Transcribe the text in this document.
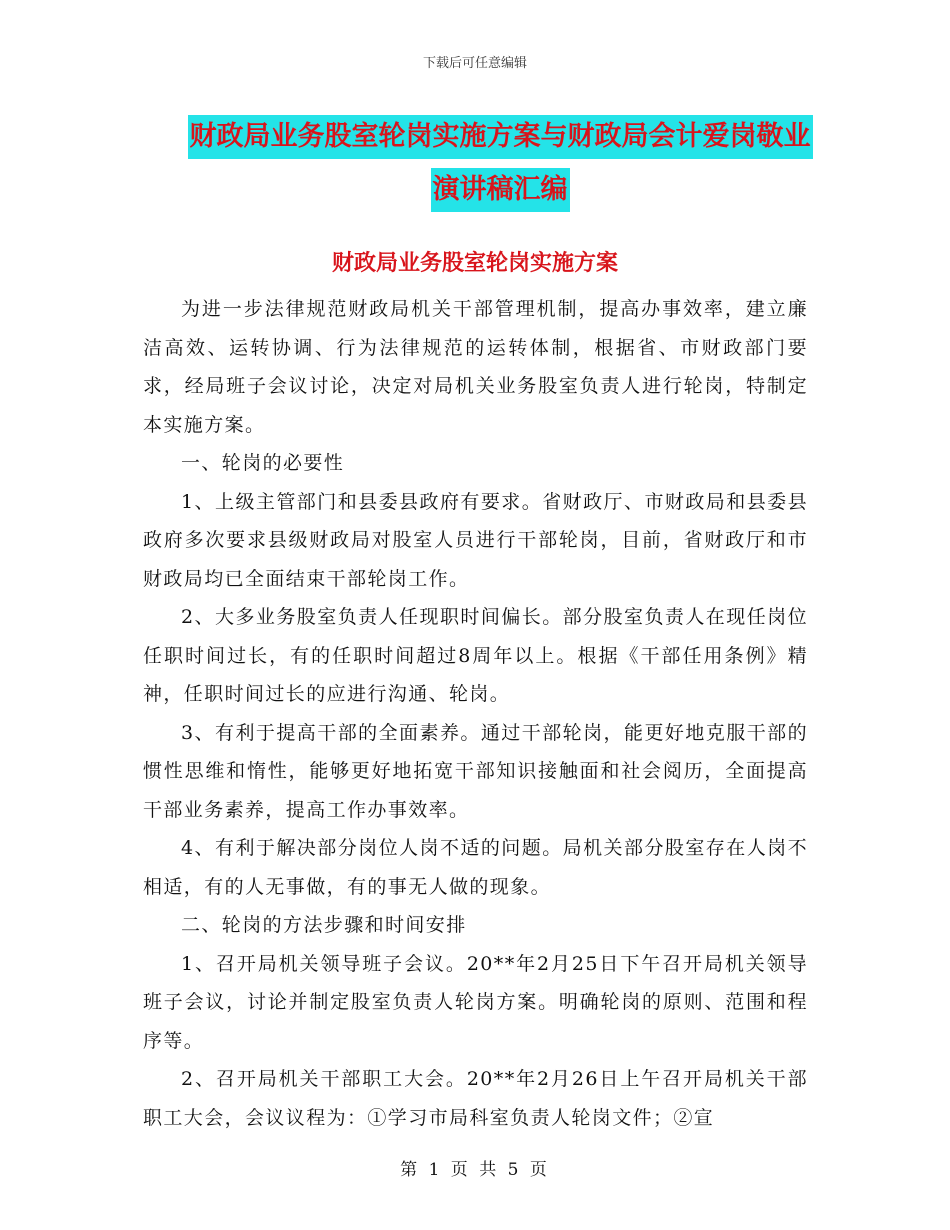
下载后可任意编辑
财政局业务股室轮岗实施方案与财政局会计爱岗敬业
演讲稿汇编
财政局业务股室轮岗实施方案

为进一步法律规范财政局机关干部管理机制，提高办事效率，建立廉洁高效、运转协调、行为法律规范的运转体制，根据省、市财政部门要求，经局班子会议讨论，决定对局机关业务股室负责人进行轮岗，特制定本实施方案。

一、轮岗的必要性

1、上级主管部门和县委县政府有要求。省财政厅、市财政局和县委县政府多次要求县级财政局对股室人员进行干部轮岗，目前，省财政厅和市财政局均已全面结束干部轮岗工作。

2、大多业务股室负责人任现职时间偏长。部分股室负责人在现任岗位任职时间过长，有的任职时间超过8周年以上。根据《干部任用条例》精神，任职时间过长的应进行沟通、轮岗。

3、有利于提高干部的全面素养。通过干部轮岗，能更好地克服干部的惯性思维和惰性，能够更好地拓宽干部知识接触面和社会阅历，全面提高干部业务素养，提高工作办事效率。

4、有利于解决部分岗位人岗不适的问题。局机关部分股室存在人岗不相适，有的人无事做，有的事无人做的现象。

二、轮岗的方法步骤和时间安排

1、召开局机关领导班子会议。20**年2月25日下午召开局机关领导班子会议，讨论并制定股室负责人轮岗方案。明确轮岗的原则、范围和程序等。

2、召开局机关干部职工大会。20**年2月26日上午召开局机关干部职工大会，会议议程为：①学习市局科室负责人轮岗文件；②宣

第 1 页 共 5 页
